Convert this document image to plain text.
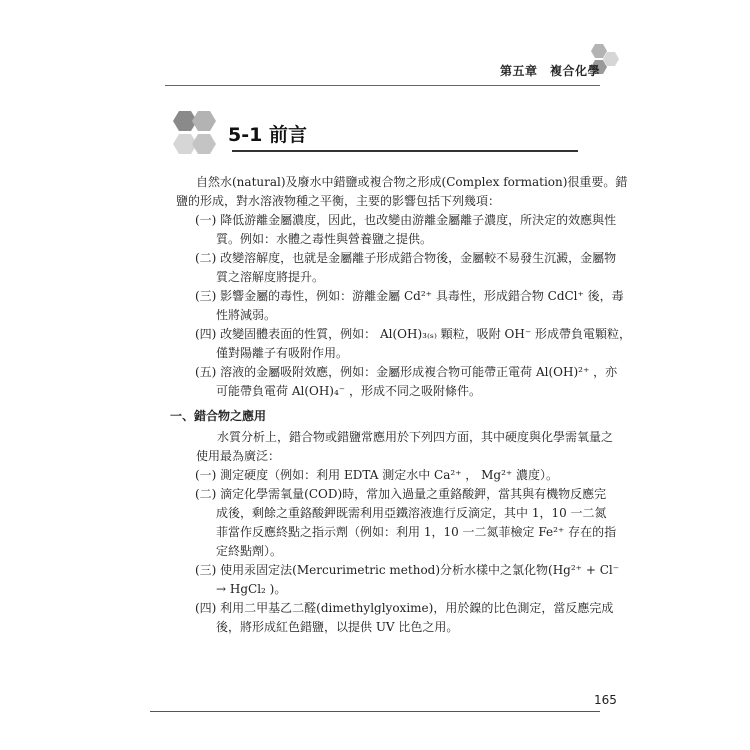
第五章　複合化學
5-1 前言
自然水(natural)及廢水中錯鹽或複合物之形成(Complex formation)很重要。錯
鹽的形成，對水溶液物種之平衡，主要的影響包括下列幾項：
(一) 降低游離金屬濃度，因此，也改變由游離金屬離子濃度，所決定的效應與性
質。例如：水體之毒性與營養鹽之提供。
(二) 改變溶解度，也就是金屬離子形成錯合物後，金屬較不易發生沉澱，金屬物
質之溶解度將提升。
(三) 影響金屬的毒性，例如：游離金屬 Cd²⁺ 具毒性，形成錯合物 CdCl⁺ 後，毒
性將減弱。
(四) 改變固體表面的性質，例如： Al(OH)₃₍ₛ₎ 顆粒，吸附 OH⁻ 形成帶負電顆粒，
僅對陽離子有吸附作用。
(五) 溶液的金屬吸附效應，例如：金屬形成複合物可能帶正電荷 Al(OH)²⁺ ，亦
可能帶負電荷 Al(OH)₄⁻ ，形成不同之吸附條件。
一、錯合物之應用
水質分析上，錯合物或錯鹽常應用於下列四方面，其中硬度與化學需氧量之
使用最為廣泛：
(一) 測定硬度（例如：利用 EDTA 測定水中 Ca²⁺ ， Mg²⁺ 濃度）。
(二) 滴定化學需氧量(COD)時，常加入過量之重鉻酸鉀，當其與有機物反應完
成後，剩餘之重鉻酸鉀既需利用亞鐵溶液進行反滴定，其中 1，10 一二氮
菲當作反應終點之指示劑（例如：利用 1，10 一二氮菲檢定 Fe²⁺ 存在的指
定終點劑）。
(三) 使用汞固定法(Mercurimetric method)分析水樣中之氯化物(Hg²⁺ + Cl⁻
→ HgCl₂ )。
(四) 利用二甲基乙二醛(dimethylglyoxime)，用於鎳的比色測定，當反應完成
後，將形成紅色錯鹽，以提供 UV 比色之用。
165
